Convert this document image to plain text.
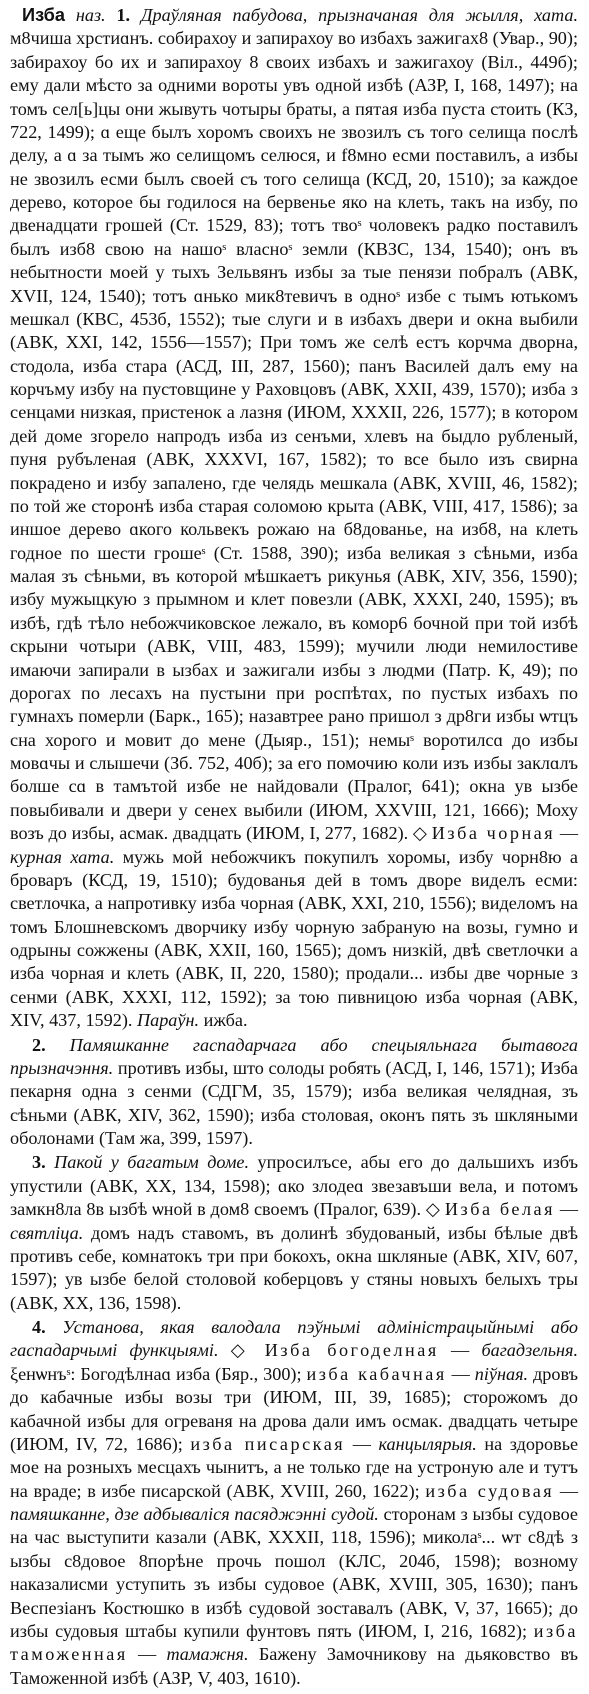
Изба наз. 1. Драўляная пабудова, прызначаная для жылля, хата. м8чиша хрстиɑнъ. собирахоу и запирахоу во избахъ зажигах8 (Увар., 90); забирахоу бо их и запирахоу 8 своих избахъ и зажигахоу (Віл., 449б); ему дали мѣсто за одними вороты увъ одной избѣ (АЗР, I, 168, 1497); на томъ сел[ь]цы они жывуть чотыры браты, а пятая изба пуста стоить (КЗ, 722, 1499); ɑ еще былъ хоромъ своихъ не звозилъ съ того селища послѣ делу, а ɑ за тымъ жо селищомъ селюся, и f8мно есми поставилъ, а избы не звозилъ есми былъ своей съ того селища (КСД, 20, 1510); за каждое дерево, которое бы годилося на бервенье яко на клеть, такъ на избу, по двенадцати грошей (Ст. 1529, 83); тотъ твоˢ чоловекъ радко поставилъ былъ изб8 свою на нашоˢ власноˢ земли (КВЗС, 134, 1540); онъ въ небытности моей у тыхъ Зельвянъ избы за тые пенязи побралъ (АВК, XVII, 124, 1540); тотъ ɑнько мик8тевичъ в одноˢ избе с тымъ ютькомъ мешкал (КВС, 453б, 1552); тые слуги и в избахъ двери и окна выбили (АВК, XXI, 142, 1556—1557); При томъ же селѣ естъ корчма дворна, стодола, изба стара (АСД, III, 287, 1560); панъ Василей далъ ему на корчъму избу на пустовщине у Раховцовъ (АВК, XXII, 439, 1570); изба з сенцами низкая, пристенок а лазня (ИЮМ, XXXII, 226, 1577); в котором дей доме згорело напродъ изба из сенъми, хлевъ на быдло рубленый, пуня рубъленая (АВК, XXXVI, 167, 1582); то все было изъ свирна покрадено и избу запалено, где челядь мешкала (АВК, XVIII, 46, 1582); по той же сторонѣ изба старая соломою крыта (АВК, VIII, 417, 1586); за иншое дерево ɑкого кольвекъ рожаю на б8дованье, на изб8, на клеть годное по шести грошеˢ (Ст. 1588, 390); изба великая з сѣньми, изба малая зъ сѣньми, въ которой мѣшкаетъ рикунья (АВК, XIV, 356, 1590); избу мужыцкую з прымном и клет повезли (АВК, XXXI, 240, 1595); въ избѣ, гдѣ тѣло небожчиковское лежало, въ комор6 бочной при той избѣ скрыни чотыри (АВК, VIII, 483, 1599); мучили люди немилостиве имаючи запирали в ызбах и зажигали избы з людми (Патр. К, 49); по дорогах по лесахъ на пустыни при роспѣтɑх, по пустых избахъ по гумнахъ померли (Барк., 165); назавтрее рано пришол з др8ги избы ѡтцъ сна хорого и мовит до мене (Дыяр., 151); немыˢ воротилсɑ до избы мовɑчы и слышечи (Зб. 752, 40б); за его помочию коли изъ избы заклɑлъ болше сɑ в тамътой избе не найдовали (Пралог, 641); окна ув ызбе повыбивали и двери у сенех выбили (ИЮМ, XXVIII, 121, 1666); Моху возъ до избы, асмак. двадцать (ИЮМ, I, 277, 1682). ◇ Изба чорная — курная хата. мужь мой небожчикъ покупилъ хоромы, избу чорн8ю а броваръ (КСД, 19, 1510); будованья дей в томъ дворе виделъ есми: светлочка, а напротивку изба чорная (АВК, XXI, 210, 1556); виделомъ на томъ Блошневскомъ дворчику избу чорную забраную на возы, гумно и одрыны сожжены (АВК, XXII, 160, 1565); домъ низкій, двѣ светлочки а изба чорная и клеть (АВК, II, 220, 1580); продали... избы две чорные з сенми (АВК, XXXI, 112, 1592); за тою пивницою изба чорная (АВК, XIV, 437, 1592). Параўн. ижба.

2. Памяшканне гаспадарчага або спецыяльнага бытавога прызначэння. противъ избы, што солоды робять (АСД, I, 146, 1571); Изба пекарня одна з сенми (СДГМ, 35, 1579); изба великая челядная, зъ сѣньми (АВК, XIV, 362, 1590); изба столовая, оконъ пять зъ шкляными оболонами (Там жа, 399, 1597).

3. Пакой у багатым доме. упросилъсе, абы его до дальшихъ избъ упустили (АВК, XX, 134, 1598); ɑко злодеɑ звезавъши вела, и потомъ замкн8ла 8в ызбѣ ѡной в дом8 своемъ (Пралог, 639). ◇ Изба белая — святліца. домъ надъ ставомъ, въ долинѣ збудованый, избы бѣлые двѣ противъ себе, комнатокъ три при бокохъ, окна шкляные (АВК, XIV, 607, 1597); ув ызбе белой столовой коберцовъ у стяны новыхъ белыхъ тры (АВК, XX, 136, 1598).

4. Установа, якая валодала пэўнымі адміністрацыйнымі або гаспадарчымі функцыямі. ◇ Изба богоделная — багадзельня. ξенѡнъˢ: Богодѣлнаɑ изба (Бяр., 300); изба кабачная — піўная. дровъ до кабачные избы возы три (ИЮМ, III, 39, 1685); сторожомъ до кабачной избы для огреваня на дрова дали имъ осмак. двадцать четыре (ИЮМ, IV, 72, 1686); изба писарская — канцылярыя. на здоровье мое на розныхъ месцахъ чынитъ, а не только где на устроную але и тутъ на враде; в избе писарской (АВК, XVIII, 260, 1622); изба судовая — памяшканне, дзе адбываліся пасяджэнні судой. сторонам з ызбы судовое на час выступити казали (АВК, XXXII, 118, 1596); миколаˢ... ѡт с8дѣ з ызбы с8довое 8порѣне прочь пошол (КЛС, 204б, 1598); возному наказалисми уступить зъ избы судовое (АВК, XVIII, 305, 1630); панъ Веспезіанъ Костюшко в избѣ судовой зоставалъ (АВК, V, 37, 1665); до избы судовыя штабы купили фунтовъ пять (ИЮМ, I, 216, 1682); изба таможенная — тамажня. Бажену Замочникову на дьяковство въ Таможенной избѣ (АЗР, V, 403, 1610).
